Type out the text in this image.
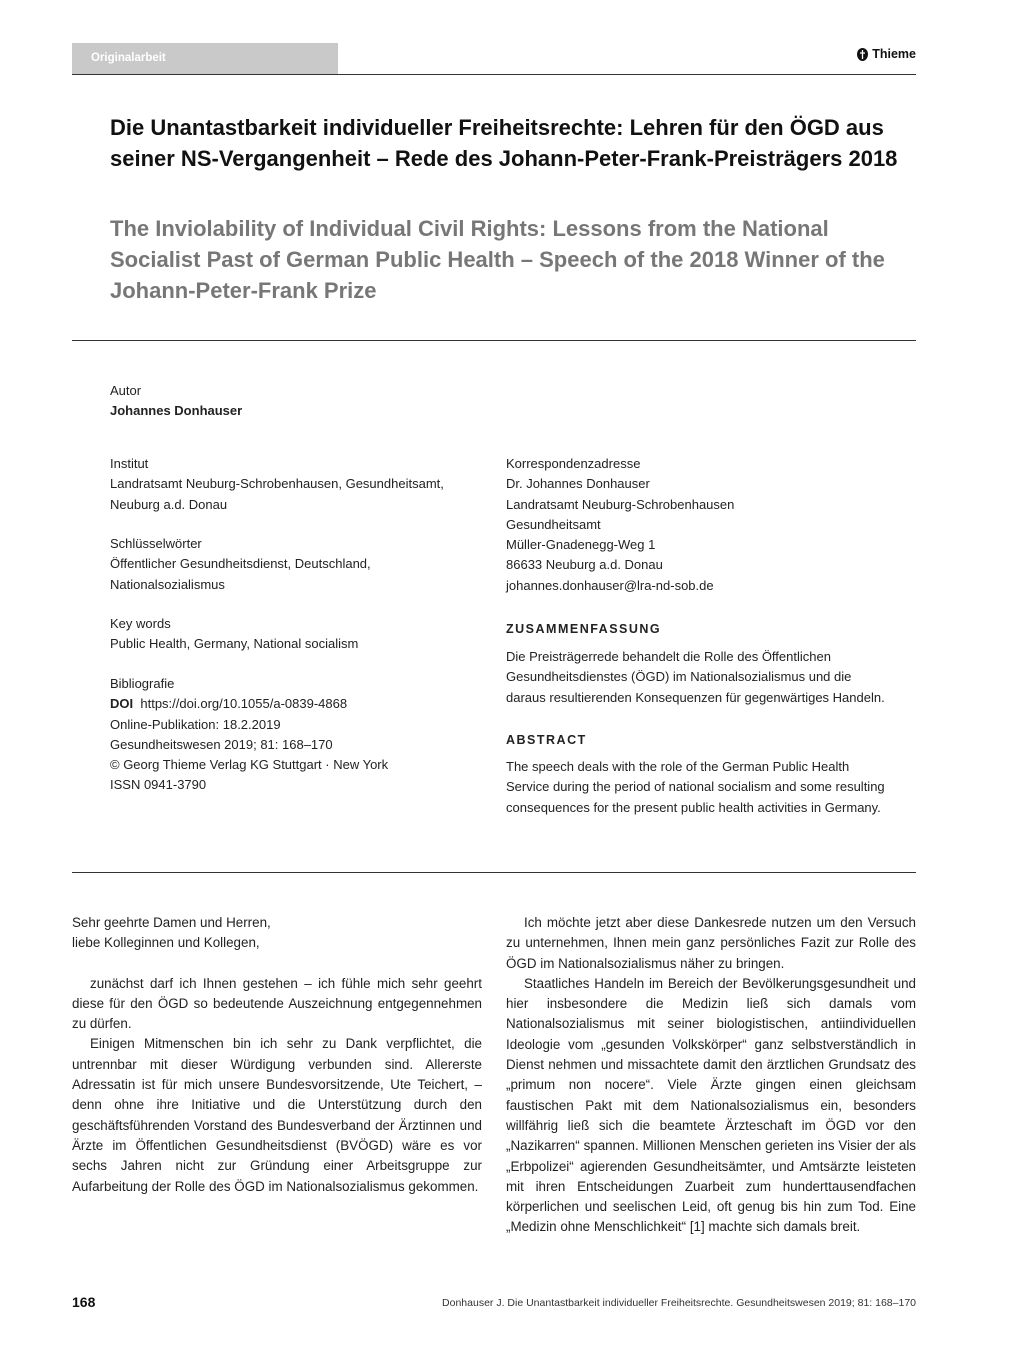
Originalarbeit	Thieme
Die Unantastbarkeit individueller Freiheitsrechte: Lehren für den ÖGD aus seiner NS-Vergangenheit – Rede des Johann-Peter-Frank-Preisträgers 2018
The Inviolability of Individual Civil Rights: Lessons from the National Socialist Past of German Public Health – Speech of the 2018 Winner of the Johann-Peter-Frank Prize

Autor

Johannes Donhauser

Institut

Landratsamt Neuburg-Schrobenhausen, Gesundheitsamt,

Neuburg a.d. Donau

Schlüsselwörter

Öffentlicher Gesundheitsdienst, Deutschland,

Nationalsozialismus

Key words

Public Health, Germany, National socialism

Bibliografie

DOI https://doi.org/10.1055/a-0839-4868

Online-Publikation: 18.2.2019

Gesundheitswesen 2019; 81: 168–170

© Georg Thieme Verlag KG Stuttgart · New York

ISSN 0941-3790

Korrespondenzadresse

Dr. Johannes Donhauser

Landratsamt Neuburg-Schrobenhausen

Gesundheitsamt

Müller-Gnadenegg-Weg 1

86633 Neuburg a.d. Donau

johannes.donhauser@lra-nd-sob.de

ZUSAMMENFASSUNG
Die Preisträgerrede behandelt die Rolle des Öffentlichen Gesundheitsdienstes (ÖGD) im Nationalsozialismus und die daraus resultierenden Konsequenzen für gegenwärtiges Handeln.
ABSTRACT
The speech deals with the role of the German Public Health Service during the period of national socialism and some resulting consequences for the present public health activities in Germany.

Sehr geehrte Damen und Herren,

liebe Kolleginnen und Kollegen,

zunächst darf ich Ihnen gestehen – ich fühle mich sehr geehrt diese für den ÖGD so bedeutende Auszeichnung entgegennehmen zu dürfen.

Einigen Mitmenschen bin ich sehr zu Dank verpflichtet, die untrennbar mit dieser Würdigung verbunden sind. Allererste Adressatin ist für mich unsere Bundesvorsitzende, Ute Teichert, – denn ohne ihre Initiative und die Unterstützung durch den geschäftsführenden Vorstand des Bundesverband der Ärztinnen und Ärzte im Öffentlichen Gesundheitsdienst (BVÖGD) wäre es vor sechs Jahren nicht zur Gründung einer Arbeitsgruppe zur Aufarbeitung der Rolle des ÖGD im Nationalsozialismus gekommen.

Ich möchte jetzt aber diese Dankesrede nutzen um den Versuch zu unternehmen, Ihnen mein ganz persönliches Fazit zur Rolle des ÖGD im Nationalsozialismus näher zu bringen.

Staatliches Handeln im Bereich der Bevölkerungsgesundheit und hier insbesondere die Medizin ließ sich damals vom Nationalsozialismus mit seiner biologistischen, antiindividuellen Ideologie vom „gesunden Volkskörper“ ganz selbstverständlich in Dienst nehmen und missachtete damit den ärztlichen Grundsatz des „primum non nocere“. Viele Ärzte gingen einen gleichsam faustischen Pakt mit dem Nationalsozialismus ein, besonders willfährig ließ sich die beamtete Ärzteschaft im ÖGD vor den „Nazikarren“ spannen. Millionen Menschen gerieten ins Visier der als „Erbpolizei“ agierenden Gesundheitsämter, und Amtsärzte leisteten mit ihren Entscheidungen Zuarbeit zum hunderttausendfachen körperlichen und seelischen Leid, oft genug bis hin zum Tod. Eine „Medizin ohne Menschlichkeit“ [1] machte sich damals breit.

168	Donhauser J. Die Unantastbarkeit individueller Freiheitsrechte. Gesundheitswesen 2019; 81: 168–170
